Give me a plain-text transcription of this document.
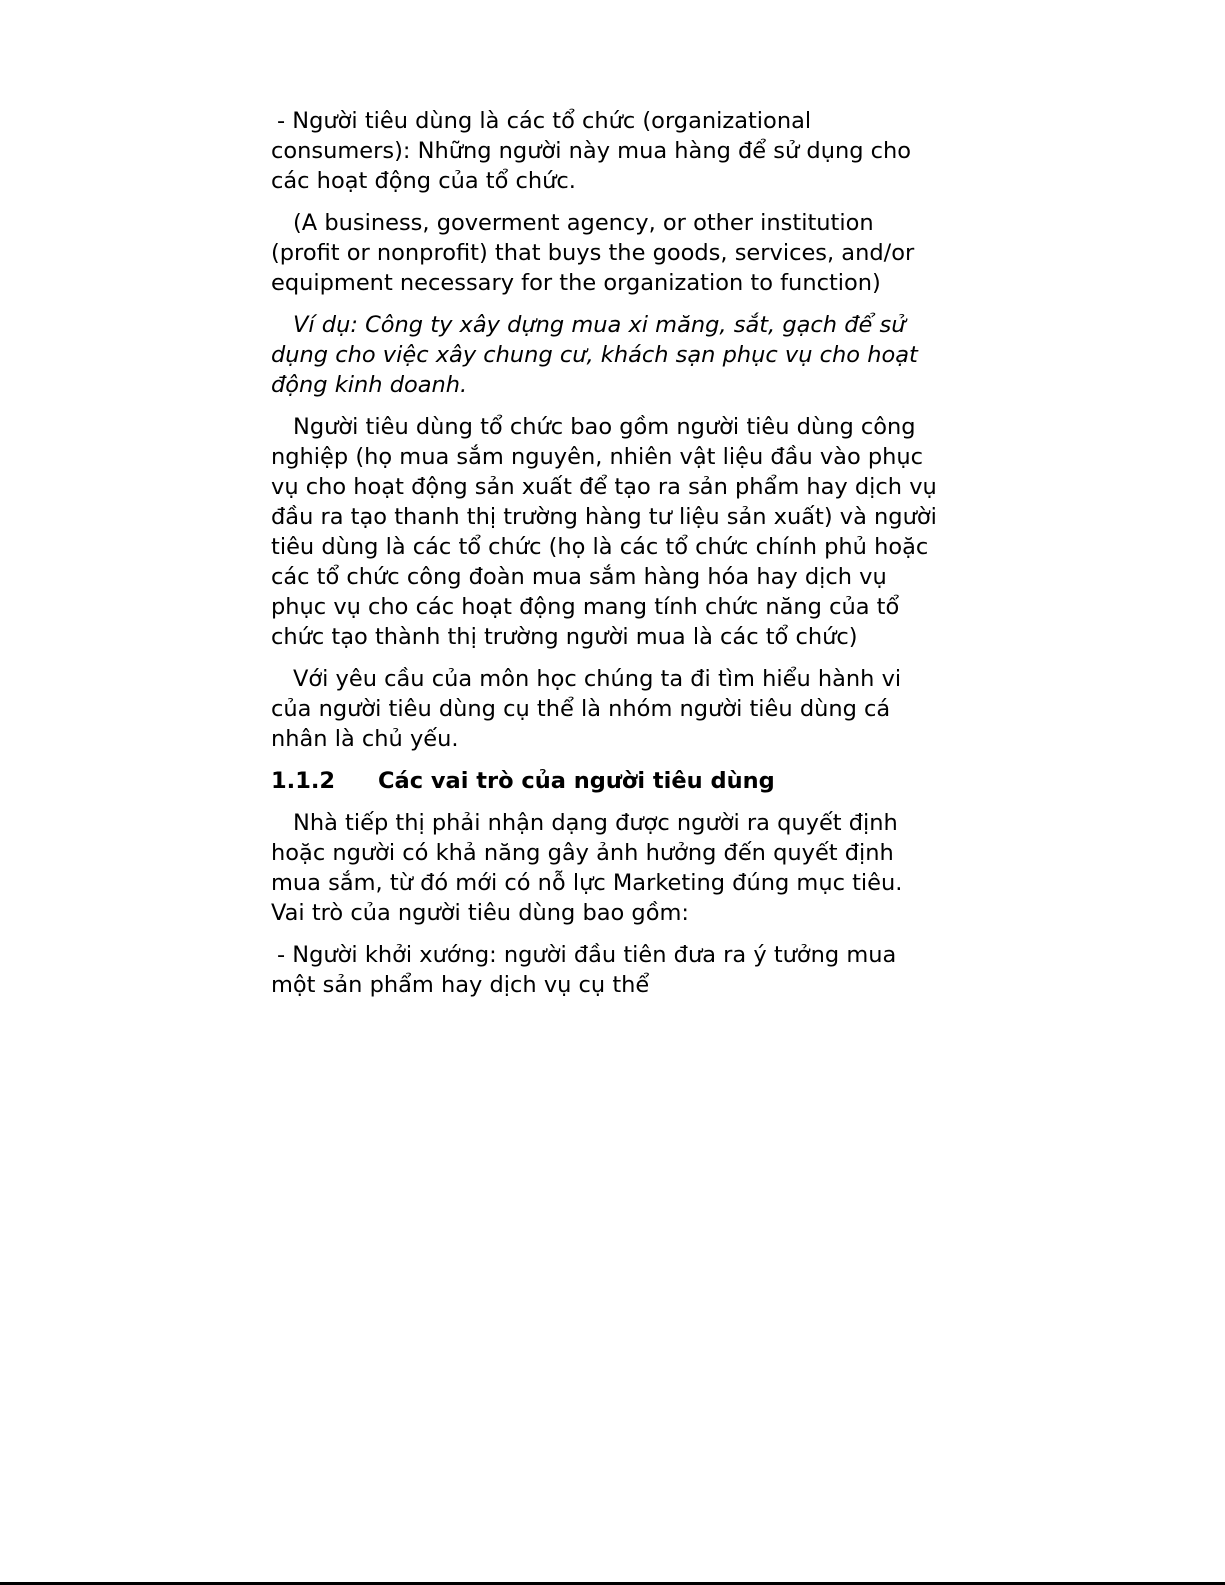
- Người tiêu dùng là các tổ chức (organizational consumers): Những người này mua hàng để sử dụng cho các hoạt động của tổ chức.

(A business, goverment agency, or other institution (profit or nonprofit) that buys the goods, services, and/or equipment necessary for the organization to function)

Ví dụ: Công ty xây dựng mua xi măng, sắt, gạch để sử dụng cho việc xây chung cư, khách sạn phục vụ cho hoạt động kinh doanh.

Người tiêu dùng tổ chức bao gồm người tiêu dùng công nghiệp (họ mua sắm nguyên, nhiên vật liệu đầu vào phục vụ cho hoạt động sản xuất để tạo ra sản phẩm hay dịch vụ đầu ra tạo thanh thị trường hàng tư liệu sản xuất) và người tiêu dùng là các tổ chức (họ là các tổ chức chính phủ hoặc các tổ chức công đoàn mua sắm hàng hóa hay dịch vụ phục vụ cho các hoạt động mang tính chức năng của tổ chức tạo thành thị trường người mua là các tổ chức)

Với yêu cầu của môn học chúng ta đi tìm hiểu hành vi của người tiêu dùng cụ thể là nhóm người tiêu dùng cá nhân là chủ yếu.

1.1.2 Các vai trò của người tiêu dùng

Nhà tiếp thị phải nhận dạng được người ra quyết định hoặc người có khả năng gây ảnh hưởng đến quyết định mua sắm, từ đó mới có nỗ lực Marketing đúng mục tiêu. Vai trò của người tiêu dùng bao gồm:

- Người khởi xướng: người đầu tiên đưa ra ý tưởng mua một sản phẩm hay dịch vụ cụ thể
